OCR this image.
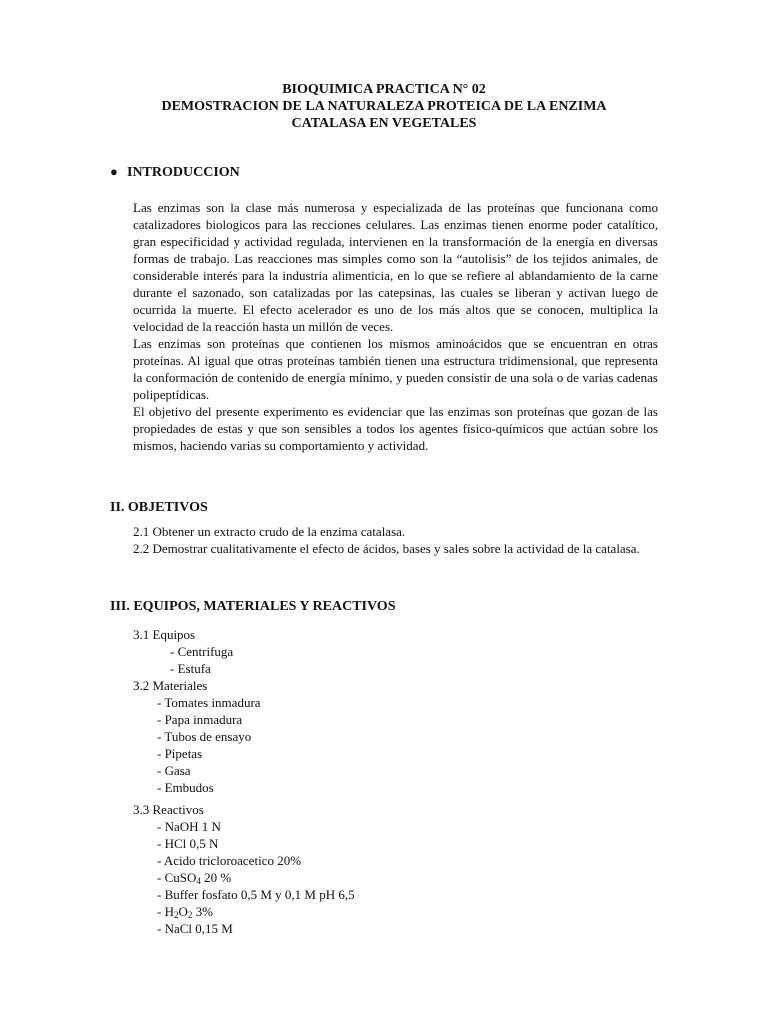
BIOQUIMICA PRACTICA N° 02
DEMOSTRACION DE LA NATURALEZA PROTEICA DE LA ENZIMA
CATALASA EN VEGETALES
● INTRODUCCION

Las enzimas son la clase más numerosa y especializada de las proteínas que funcionana como catalizadores biologicos para las recciones celulares. Las enzimas tienen enorme poder catalítico, gran especificidad y actividad regulada, intervienen en la transformación de la energía en diversas formas de trabajo. Las reacciones mas simples como son la “autolisis” de los tejidos animales, de considerable interés para la industria alimenticia, en lo que se refiere al ablandamiento de la carne durante el sazonado, son catalizadas por las catepsinas, las cuales se liberan y activan luego de ocurrida la muerte. El efecto acelerador es uno de los más altos que se conocen, multiplica la velocidad de la reacción hasta un millón de veces.

Las enzimas son proteínas que contienen los mismos aminoácidos que se encuentran en otras proteínas. Al igual que otras proteínas también tienen una estructura tridimensional, que representa la conformación de contenido de energía mínimo, y pueden consistir de una sola o de varias cadenas polipeptídicas.

El objetivo del presente experimento es evidenciar que las enzimas son proteínas que gozan de las propiedades de estas y que son sensibles a todos los agentes físico-químicos que actúan sobre los mismos, haciendo varias su comportamiento y actividad.

II. OBJETIVOS
2.1 Obtener un extracto crudo de la enzima catalasa.
2.2 Demostrar cualitativamente el efecto de ácidos, bases y sales sobre la actividad de la catalasa.
III. EQUIPOS, MATERIALES Y REACTIVOS
3.1 Equipos
- Centrifuga
- Estufa
3.2 Materiales
- Tomates inmadura
- Papa inmadura
- Tubos de ensayo
- Pipetas
- Gasa
- Embudos
3.3 Reactivos
- NaOH 1 N
- HCl 0,5 N
- Acido tricloroacetico 20%
- CuSO$_4$ 20 %
- Buffer fosfato 0,5 M y 0,1 M pH 6,5
- $H_2O_2$ 3%
- NaCl 0,15 M
